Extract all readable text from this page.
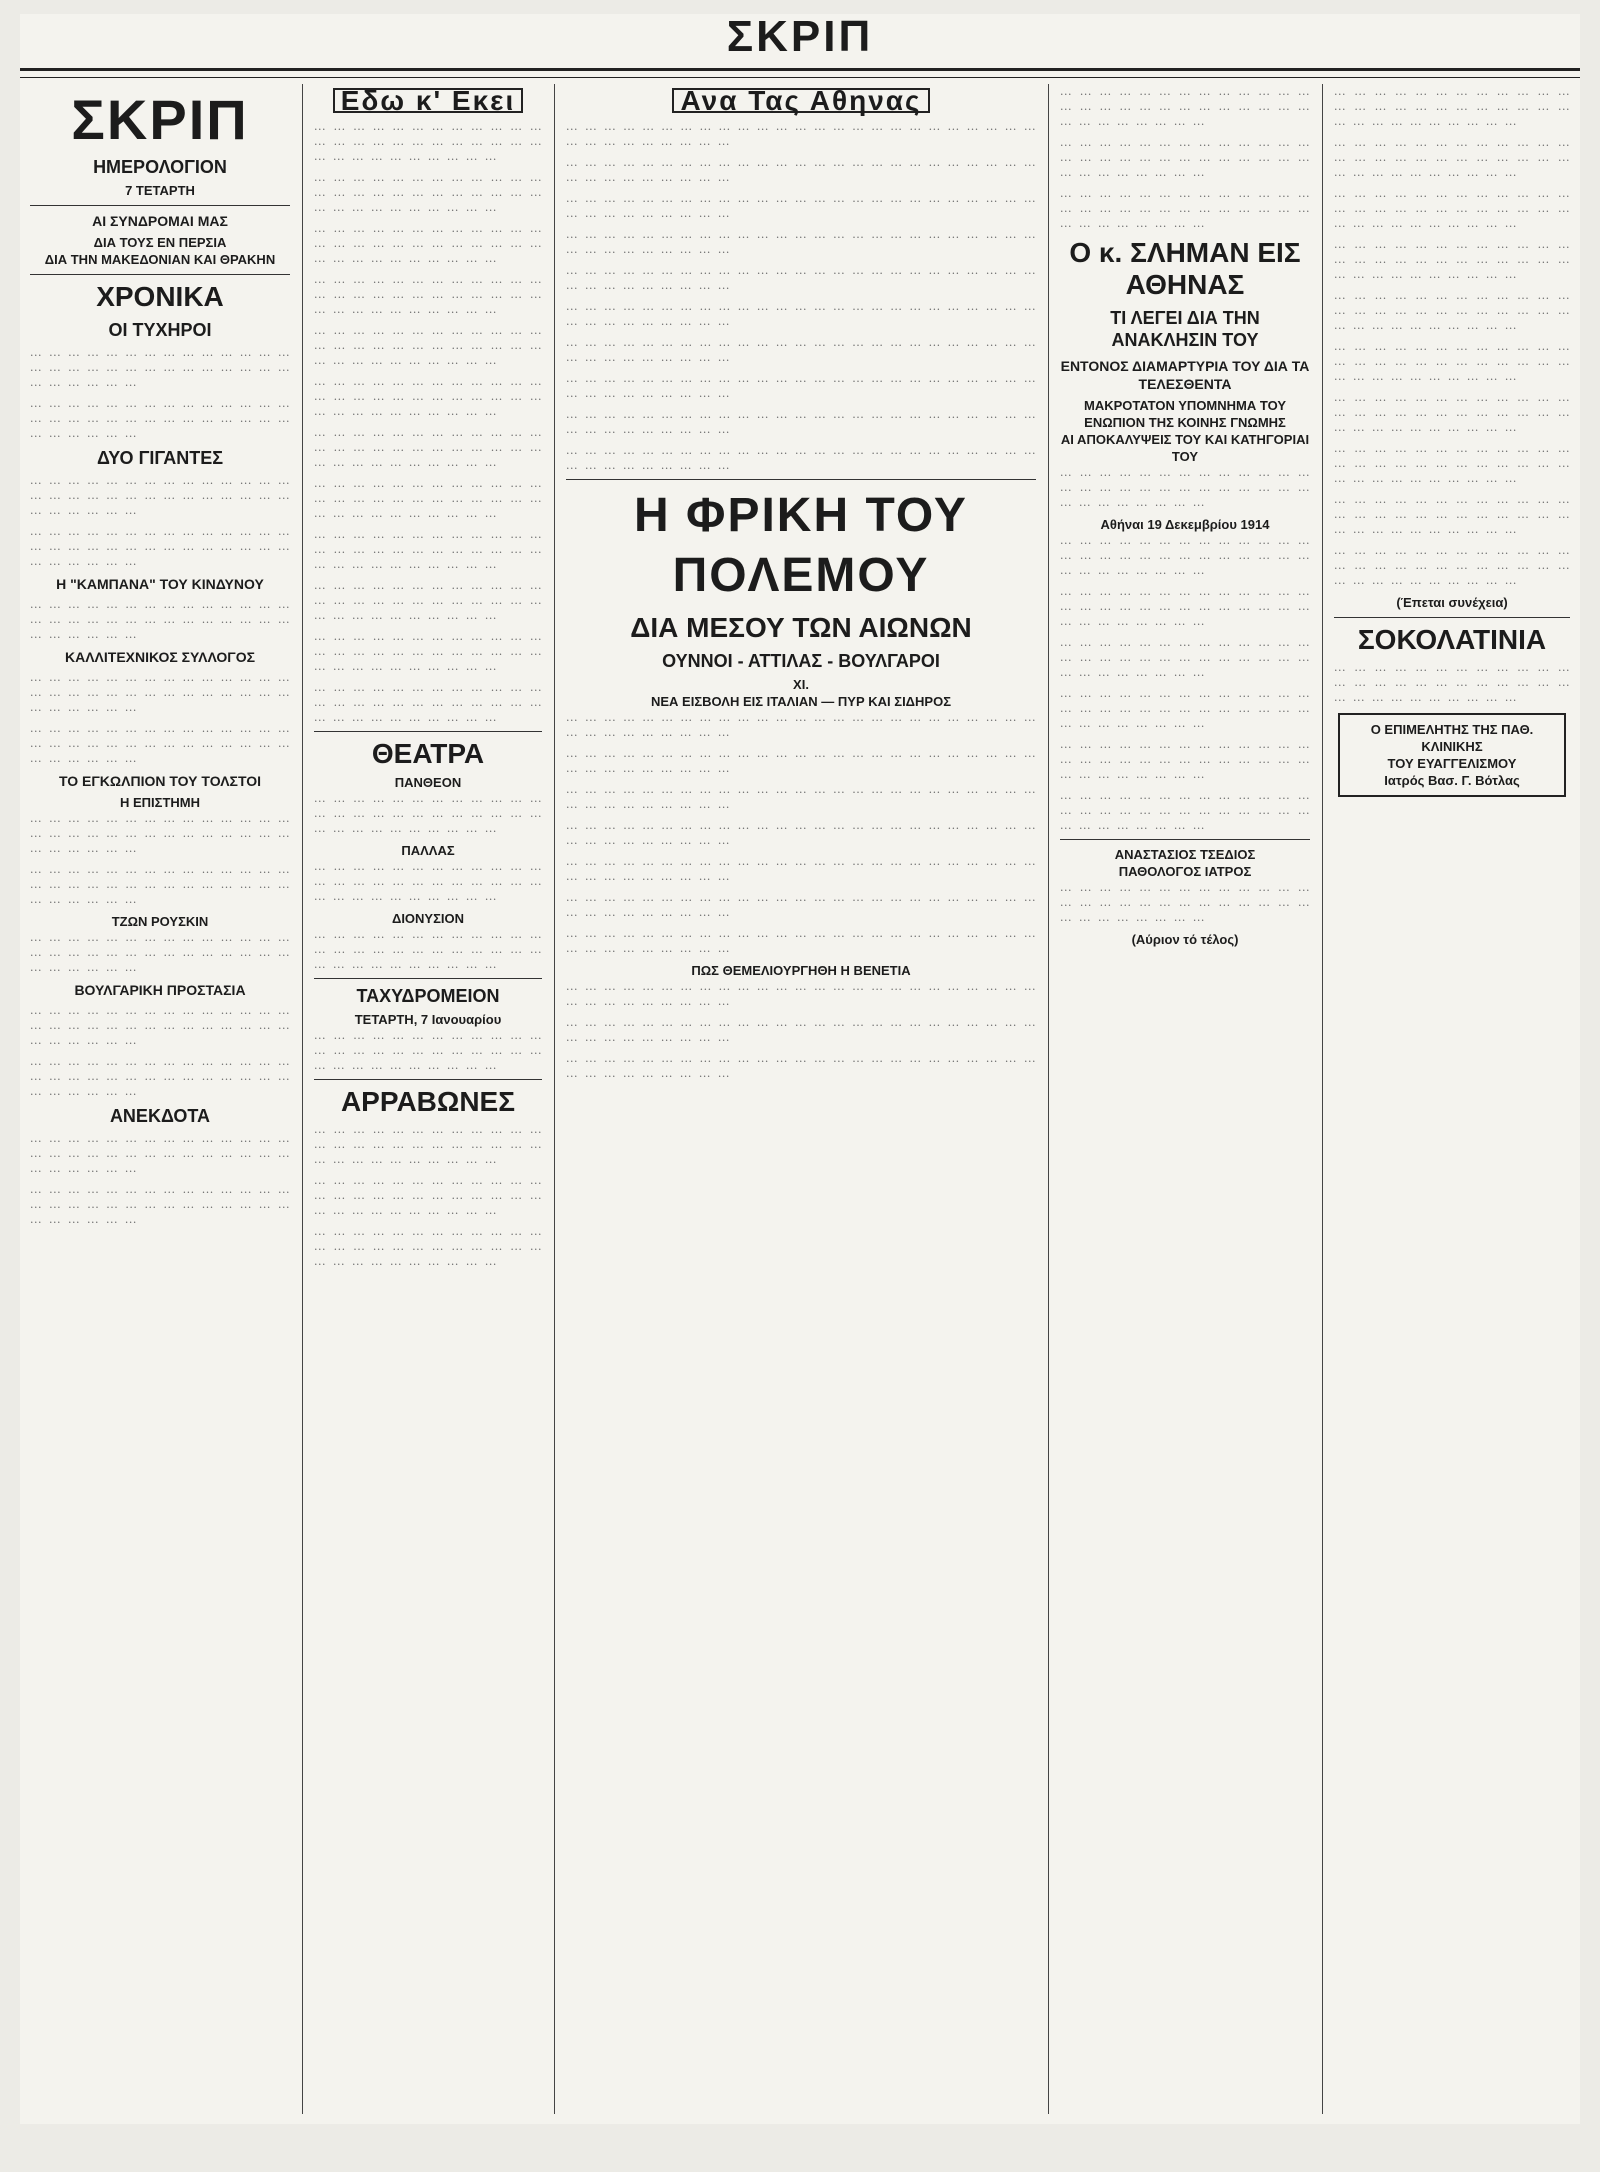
ΣΚΡΙΠ
ΣΚΡΙΠ
ΗΜΕΡΟΛΟΓΙΟΝ
7 ΤΕΤΑΡΤΗ
ΑΙ ΣΥΝΔΡΟΜΑΙ ΜΑΣ
ΔΙΑ ΤΟΥΣ ΕΝ ΠΕΡΣΙΑ
ΔΙΑ ΤΗΝ ΜΑΚΕΔΟΝΙΑΝ ΚΑΙ ΘΡΑΚΗΝ
ΧΡΟΝΙΚΑ
ΟΙ ΤΥΧΗΡΟΙ

... ... ... ... ... ... ... ... ... ... ... ... ... ... ... ... ... ... ... ... ... ... ... ... ... ... ... ... ... ... ... ... ... ...

... ... ... ... ... ... ... ... ... ... ... ... ... ... ... ... ... ... ... ... ... ... ... ... ... ... ... ... ... ... ... ... ... ...

ΔΥΟ ΓΙΓΑΝΤΕΣ

... ... ... ... ... ... ... ... ... ... ... ... ... ... ... ... ... ... ... ... ... ... ... ... ... ... ... ... ... ... ... ... ... ...

... ... ... ... ... ... ... ... ... ... ... ... ... ... ... ... ... ... ... ... ... ... ... ... ... ... ... ... ... ... ... ... ... ...

Η "ΚΑΜΠΑΝΑ" ΤΟΥ ΚΙΝΔΥΝΟΥ

... ... ... ... ... ... ... ... ... ... ... ... ... ... ... ... ... ... ... ... ... ... ... ... ... ... ... ... ... ... ... ... ... ...

ΚΑΛΛΙΤΕΧΝΙΚΟΣ ΣΥΛΛΟΓΟΣ

... ... ... ... ... ... ... ... ... ... ... ... ... ... ... ... ... ... ... ... ... ... ... ... ... ... ... ... ... ... ... ... ... ...

... ... ... ... ... ... ... ... ... ... ... ... ... ... ... ... ... ... ... ... ... ... ... ... ... ... ... ... ... ... ... ... ... ...

ΤΟ ΕΓΚΩΛΠΙΟΝ ΤΟΥ ΤΟΛΣΤΟΙ
Η ΕΠΙΣΤΗΜΗ

... ... ... ... ... ... ... ... ... ... ... ... ... ... ... ... ... ... ... ... ... ... ... ... ... ... ... ... ... ... ... ... ... ...

... ... ... ... ... ... ... ... ... ... ... ... ... ... ... ... ... ... ... ... ... ... ... ... ... ... ... ... ... ... ... ... ... ...

ΤΖΩΝ ΡΟΥΣΚΙΝ

... ... ... ... ... ... ... ... ... ... ... ... ... ... ... ... ... ... ... ... ... ... ... ... ... ... ... ... ... ... ... ... ... ...

ΒΟΥΛΓΑΡΙΚΗ ΠΡΟΣΤΑΣΙΑ

... ... ... ... ... ... ... ... ... ... ... ... ... ... ... ... ... ... ... ... ... ... ... ... ... ... ... ... ... ... ... ... ... ...

... ... ... ... ... ... ... ... ... ... ... ... ... ... ... ... ... ... ... ... ... ... ... ... ... ... ... ... ... ... ... ... ... ...

ΑΝΕΚΔΟΤΑ

... ... ... ... ... ... ... ... ... ... ... ... ... ... ... ... ... ... ... ... ... ... ... ... ... ... ... ... ... ... ... ... ... ...

... ... ... ... ... ... ... ... ... ... ... ... ... ... ... ... ... ... ... ... ... ... ... ... ... ... ... ... ... ... ... ... ... ...

Εδω κ' Εκει

... ... ... ... ... ... ... ... ... ... ... ... ... ... ... ... ... ... ... ... ... ... ... ... ... ... ... ... ... ... ... ... ... ...

... ... ... ... ... ... ... ... ... ... ... ... ... ... ... ... ... ... ... ... ... ... ... ... ... ... ... ... ... ... ... ... ... ...

... ... ... ... ... ... ... ... ... ... ... ... ... ... ... ... ... ... ... ... ... ... ... ... ... ... ... ... ... ... ... ... ... ...

... ... ... ... ... ... ... ... ... ... ... ... ... ... ... ... ... ... ... ... ... ... ... ... ... ... ... ... ... ... ... ... ... ...

... ... ... ... ... ... ... ... ... ... ... ... ... ... ... ... ... ... ... ... ... ... ... ... ... ... ... ... ... ... ... ... ... ...

... ... ... ... ... ... ... ... ... ... ... ... ... ... ... ... ... ... ... ... ... ... ... ... ... ... ... ... ... ... ... ... ... ...

... ... ... ... ... ... ... ... ... ... ... ... ... ... ... ... ... ... ... ... ... ... ... ... ... ... ... ... ... ... ... ... ... ...

... ... ... ... ... ... ... ... ... ... ... ... ... ... ... ... ... ... ... ... ... ... ... ... ... ... ... ... ... ... ... ... ... ...

... ... ... ... ... ... ... ... ... ... ... ... ... ... ... ... ... ... ... ... ... ... ... ... ... ... ... ... ... ... ... ... ... ...

... ... ... ... ... ... ... ... ... ... ... ... ... ... ... ... ... ... ... ... ... ... ... ... ... ... ... ... ... ... ... ... ... ...

... ... ... ... ... ... ... ... ... ... ... ... ... ... ... ... ... ... ... ... ... ... ... ... ... ... ... ... ... ... ... ... ... ...

... ... ... ... ... ... ... ... ... ... ... ... ... ... ... ... ... ... ... ... ... ... ... ... ... ... ... ... ... ... ... ... ... ...

ΘΕΑΤΡΑ
ΠΑΝΘΕΟΝ

... ... ... ... ... ... ... ... ... ... ... ... ... ... ... ... ... ... ... ... ... ... ... ... ... ... ... ... ... ... ... ... ... ...

ΠΑΛΛΑΣ

... ... ... ... ... ... ... ... ... ... ... ... ... ... ... ... ... ... ... ... ... ... ... ... ... ... ... ... ... ... ... ... ... ...

ΔΙΟΝΥΣΙΟΝ

... ... ... ... ... ... ... ... ... ... ... ... ... ... ... ... ... ... ... ... ... ... ... ... ... ... ... ... ... ... ... ... ... ...

ΤΑΧΥΔΡΟΜΕΙΟΝ
ΤΕΤΑΡΤΗ, 7 Ιανουαρίου

... ... ... ... ... ... ... ... ... ... ... ... ... ... ... ... ... ... ... ... ... ... ... ... ... ... ... ... ... ... ... ... ... ...

ΑΡΡΑΒΩΝΕΣ

... ... ... ... ... ... ... ... ... ... ... ... ... ... ... ... ... ... ... ... ... ... ... ... ... ... ... ... ... ... ... ... ... ...

... ... ... ... ... ... ... ... ... ... ... ... ... ... ... ... ... ... ... ... ... ... ... ... ... ... ... ... ... ... ... ... ... ...

... ... ... ... ... ... ... ... ... ... ... ... ... ... ... ... ... ... ... ... ... ... ... ... ... ... ... ... ... ... ... ... ... ...

Ανα Τας Αθηνας

... ... ... ... ... ... ... ... ... ... ... ... ... ... ... ... ... ... ... ... ... ... ... ... ... ... ... ... ... ... ... ... ... ...

... ... ... ... ... ... ... ... ... ... ... ... ... ... ... ... ... ... ... ... ... ... ... ... ... ... ... ... ... ... ... ... ... ...

... ... ... ... ... ... ... ... ... ... ... ... ... ... ... ... ... ... ... ... ... ... ... ... ... ... ... ... ... ... ... ... ... ...

... ... ... ... ... ... ... ... ... ... ... ... ... ... ... ... ... ... ... ... ... ... ... ... ... ... ... ... ... ... ... ... ... ...

... ... ... ... ... ... ... ... ... ... ... ... ... ... ... ... ... ... ... ... ... ... ... ... ... ... ... ... ... ... ... ... ... ...

... ... ... ... ... ... ... ... ... ... ... ... ... ... ... ... ... ... ... ... ... ... ... ... ... ... ... ... ... ... ... ... ... ...

... ... ... ... ... ... ... ... ... ... ... ... ... ... ... ... ... ... ... ... ... ... ... ... ... ... ... ... ... ... ... ... ... ...

... ... ... ... ... ... ... ... ... ... ... ... ... ... ... ... ... ... ... ... ... ... ... ... ... ... ... ... ... ... ... ... ... ...

... ... ... ... ... ... ... ... ... ... ... ... ... ... ... ... ... ... ... ... ... ... ... ... ... ... ... ... ... ... ... ... ... ...

... ... ... ... ... ... ... ... ... ... ... ... ... ... ... ... ... ... ... ... ... ... ... ... ... ... ... ... ... ... ... ... ... ...

Η ΦΡΙΚΗ ΤΟΥ ΠΟΛΕΜΟΥ
ΔΙΑ ΜΕΣΟΥ ΤΩΝ ΑΙΩΝΩΝ
ΟΥΝΝΟΙ - ΑΤΤΙΛΑΣ - ΒΟΥΛΓΑΡΟΙ
XI.
ΝΕΑ ΕΙΣΒΟΛΗ ΕΙΣ ΙΤΑΛΙΑΝ — ΠΥΡ ΚΑΙ ΣΙΔΗΡΟΣ

... ... ... ... ... ... ... ... ... ... ... ... ... ... ... ... ... ... ... ... ... ... ... ... ... ... ... ... ... ... ... ... ... ...

... ... ... ... ... ... ... ... ... ... ... ... ... ... ... ... ... ... ... ... ... ... ... ... ... ... ... ... ... ... ... ... ... ...

... ... ... ... ... ... ... ... ... ... ... ... ... ... ... ... ... ... ... ... ... ... ... ... ... ... ... ... ... ... ... ... ... ...

... ... ... ... ... ... ... ... ... ... ... ... ... ... ... ... ... ... ... ... ... ... ... ... ... ... ... ... ... ... ... ... ... ...

... ... ... ... ... ... ... ... ... ... ... ... ... ... ... ... ... ... ... ... ... ... ... ... ... ... ... ... ... ... ... ... ... ...

... ... ... ... ... ... ... ... ... ... ... ... ... ... ... ... ... ... ... ... ... ... ... ... ... ... ... ... ... ... ... ... ... ...

... ... ... ... ... ... ... ... ... ... ... ... ... ... ... ... ... ... ... ... ... ... ... ... ... ... ... ... ... ... ... ... ... ...

ΠΩΣ ΘΕΜΕΛΙΟΥΡΓΗΘΗ Η ΒΕΝΕΤΙΑ

... ... ... ... ... ... ... ... ... ... ... ... ... ... ... ... ... ... ... ... ... ... ... ... ... ... ... ... ... ... ... ... ... ...

... ... ... ... ... ... ... ... ... ... ... ... ... ... ... ... ... ... ... ... ... ... ... ... ... ... ... ... ... ... ... ... ... ...

... ... ... ... ... ... ... ... ... ... ... ... ... ... ... ... ... ... ... ... ... ... ... ... ... ... ... ... ... ... ... ... ... ...

... ... ... ... ... ... ... ... ... ... ... ... ... ... ... ... ... ... ... ... ... ... ... ... ... ... ... ... ... ... ... ... ... ...

... ... ... ... ... ... ... ... ... ... ... ... ... ... ... ... ... ... ... ... ... ... ... ... ... ... ... ... ... ... ... ... ... ...

... ... ... ... ... ... ... ... ... ... ... ... ... ... ... ... ... ... ... ... ... ... ... ... ... ... ... ... ... ... ... ... ... ...

Ο κ. ΣΛΗΜΑΝ ΕΙΣ ΑΘΗΝΑΣ
ΤΙ ΛΕΓΕΙ ΔΙΑ ΤΗΝ ΑΝΑΚΛΗΣΙΝ ΤΟΥ
ΕΝΤΟΝΟΣ ΔΙΑΜΑΡΤΥΡΙΑ ΤΟΥ ΔΙΑ ΤΑ ΤΕΛΕΣΘΕΝΤΑ
ΜΑΚΡΟΤΑΤΟΝ ΥΠΟΜΝΗΜΑ ΤΟΥ ΕΝΩΠΙΟΝ ΤΗΣ ΚΟΙΝΗΣ ΓΝΩΜΗΣ
ΑΙ ΑΠΟΚΑΛΥΨΕΙΣ ΤΟΥ ΚΑΙ ΚΑΤΗΓΟΡΙΑΙ ΤΟΥ

... ... ... ... ... ... ... ... ... ... ... ... ... ... ... ... ... ... ... ... ... ... ... ... ... ... ... ... ... ... ... ... ... ...

Αθήναι 19 Δεκεμβρίου 1914

... ... ... ... ... ... ... ... ... ... ... ... ... ... ... ... ... ... ... ... ... ... ... ... ... ... ... ... ... ... ... ... ... ...

... ... ... ... ... ... ... ... ... ... ... ... ... ... ... ... ... ... ... ... ... ... ... ... ... ... ... ... ... ... ... ... ... ...

... ... ... ... ... ... ... ... ... ... ... ... ... ... ... ... ... ... ... ... ... ... ... ... ... ... ... ... ... ... ... ... ... ...

... ... ... ... ... ... ... ... ... ... ... ... ... ... ... ... ... ... ... ... ... ... ... ... ... ... ... ... ... ... ... ... ... ...

... ... ... ... ... ... ... ... ... ... ... ... ... ... ... ... ... ... ... ... ... ... ... ... ... ... ... ... ... ... ... ... ... ...

... ... ... ... ... ... ... ... ... ... ... ... ... ... ... ... ... ... ... ... ... ... ... ... ... ... ... ... ... ... ... ... ... ...

ΑΝΑΣΤΑΣΙΟΣ ΤΣΕΔΙΟΣ
ΠΑΘΟΛΟΓΟΣ ΙΑΤΡΟΣ

... ... ... ... ... ... ... ... ... ... ... ... ... ... ... ... ... ... ... ... ... ... ... ... ... ... ... ... ... ... ... ... ... ...

(Αύριον τό τέλος)

... ... ... ... ... ... ... ... ... ... ... ... ... ... ... ... ... ... ... ... ... ... ... ... ... ... ... ... ... ... ... ... ... ...

... ... ... ... ... ... ... ... ... ... ... ... ... ... ... ... ... ... ... ... ... ... ... ... ... ... ... ... ... ... ... ... ... ...

... ... ... ... ... ... ... ... ... ... ... ... ... ... ... ... ... ... ... ... ... ... ... ... ... ... ... ... ... ... ... ... ... ...

... ... ... ... ... ... ... ... ... ... ... ... ... ... ... ... ... ... ... ... ... ... ... ... ... ... ... ... ... ... ... ... ... ...

... ... ... ... ... ... ... ... ... ... ... ... ... ... ... ... ... ... ... ... ... ... ... ... ... ... ... ... ... ... ... ... ... ...

... ... ... ... ... ... ... ... ... ... ... ... ... ... ... ... ... ... ... ... ... ... ... ... ... ... ... ... ... ... ... ... ... ...

... ... ... ... ... ... ... ... ... ... ... ... ... ... ... ... ... ... ... ... ... ... ... ... ... ... ... ... ... ... ... ... ... ...

... ... ... ... ... ... ... ... ... ... ... ... ... ... ... ... ... ... ... ... ... ... ... ... ... ... ... ... ... ... ... ... ... ...

... ... ... ... ... ... ... ... ... ... ... ... ... ... ... ... ... ... ... ... ... ... ... ... ... ... ... ... ... ... ... ... ... ...

... ... ... ... ... ... ... ... ... ... ... ... ... ... ... ... ... ... ... ... ... ... ... ... ... ... ... ... ... ... ... ... ... ...

(Έπεται συνέχεια)
ΣΟΚΟΛΑΤΙΝΙΑ

... ... ... ... ... ... ... ... ... ... ... ... ... ... ... ... ... ... ... ... ... ... ... ... ... ... ... ... ... ... ... ... ... ...

Ο ΕΠΙΜΕΛΗΤΗΣ ΤΗΣ ΠΑΘ. ΚΛΙΝΙΚΗΣ
ΤΟΥ ΕΥΑΓΓΕΛΙΣΜΟΥ
Ιατρός Βασ. Γ. Βότλας
